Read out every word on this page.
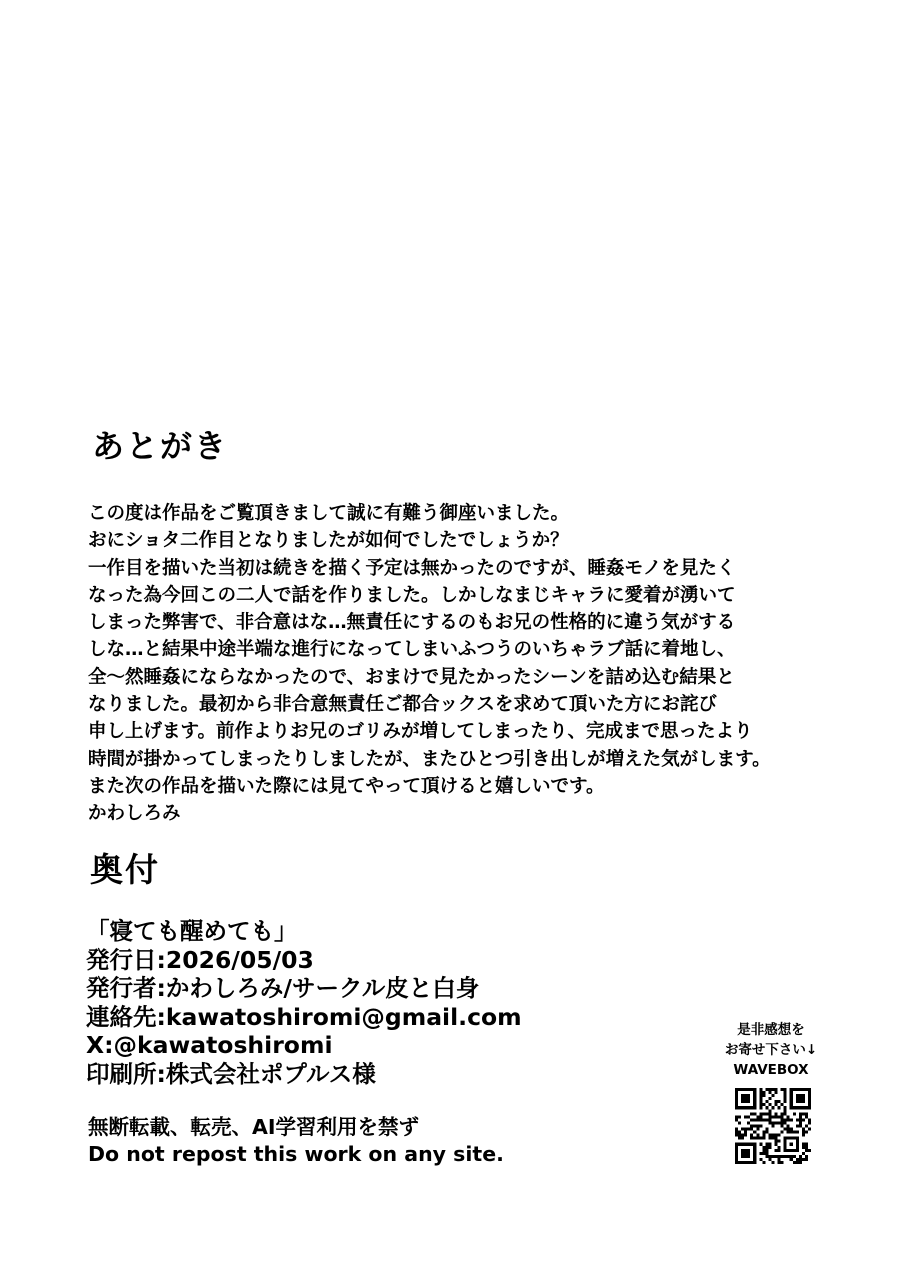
あとがき
この度は作品をご覧頂きまして誠に有難う御座いました。
おにショタ二作目となりましたが如何でしたでしょうか？
一作目を描いた当初は続きを描く予定は無かったのですが、睡姦モノを見たく
なった為今回この二人で話を作りました。しかしなまじキャラに愛着が湧いて
しまった弊害で、非合意はな…無責任にするのもお兄の性格的に違う気がする
しな…と結果中途半端な進行になってしまいふつうのいちゃラブ話に着地し、
全〜然睡姦にならなかったので、おまけで見たかったシーンを詰め込む結果と
なりました。最初から非合意無責任ご都合ックスを求めて頂いた方にお詫び
申し上げます。前作よりお兄のゴリみが増してしまったり、完成まで思ったより
時間が掛かってしまったりしましたが、またひとつ引き出しが増えた気がします。
また次の作品を描いた際には見てやって頂けると嬉しいです。
かわしろみ
奥付
「寝ても醒めても」
発行日:2026/05/03
発行者:かわしろみ/サークル皮と白身
連絡先:kawatoshiromi@gmail.com
X:@kawatoshiromi
印刷所:株式会社ポプルス様
無断転載、転売、AI学習利用を禁ず
Do not repost this work on any site.
是非感想を
お寄せ下さい↓
WAVEBOX
